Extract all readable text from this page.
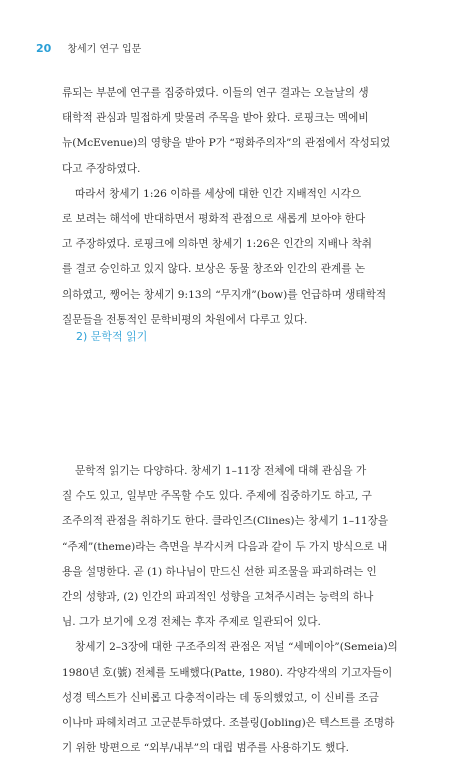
20 창세기 연구 입문
류되는 부분에 연구를 집중하였다. 이들의 연구 결과는 오늘날의 생
태학적 관심과 밀접하게 맞물려 주목을 받아 왔다. 로핑크는 멕에비
뉴(McEvenue)의 영향을 받아 P가 “평화주의자”의 관점에서 작성되었
다고 주장하였다.
따라서 창세기 1:26 이하를 세상에 대한 인간 지배적인 시각으
로 보려는 해석에 반대하면서 평화적 관점으로 새롭게 보아야 한다
고 주장하였다. 로핑크에 의하면 창세기 1:26은 인간의 지배나 착취
를 결코 승인하고 있지 않다. 보상은 동물 창조와 인간의 관계를 논
의하였고, 쨍어는 창세기 9:13의 “무지개”(bow)를 언급하며 생태학적
질문들을 전통적인 문학비평의 차원에서 다루고 있다.
2) 문학적 읽기
문학적 읽기는 다양하다. 창세기 1–11장 전체에 대해 관심을 가
질 수도 있고, 일부만 주목할 수도 있다. 주제에 집중하기도 하고, 구
조주의적 관점을 취하기도 한다. 클라인즈(Clines)는 창세기 1–11장을
“주제”(theme)라는 측면을 부각시켜 다음과 같이 두 가지 방식으로 내
용을 설명한다. 곧 (1) 하나님이 만드신 선한 피조물을 파괴하려는 인
간의 성향과, (2) 인간의 파괴적인 성향을 고쳐주시려는 능력의 하나
님. 그가 보기에 오경 전체는 후자 주제로 일관되어 있다.
창세기 2–3장에 대한 구조주의적 관점은 저널 “세메이아”(Semeia)의
1980년 호(號) 전체를 도배했다(Patte, 1980). 각양각색의 기고자들이
성경 텍스트가 신비롭고 다충적이라는 데 동의했었고, 이 신비를 조금
이나마 파헤치려고 고군분투하였다. 조블링(Jobling)은 텍스트를 조명하
기 위한 방편으로 “외부/내부”의 대립 범주를 사용하기도 했다.
